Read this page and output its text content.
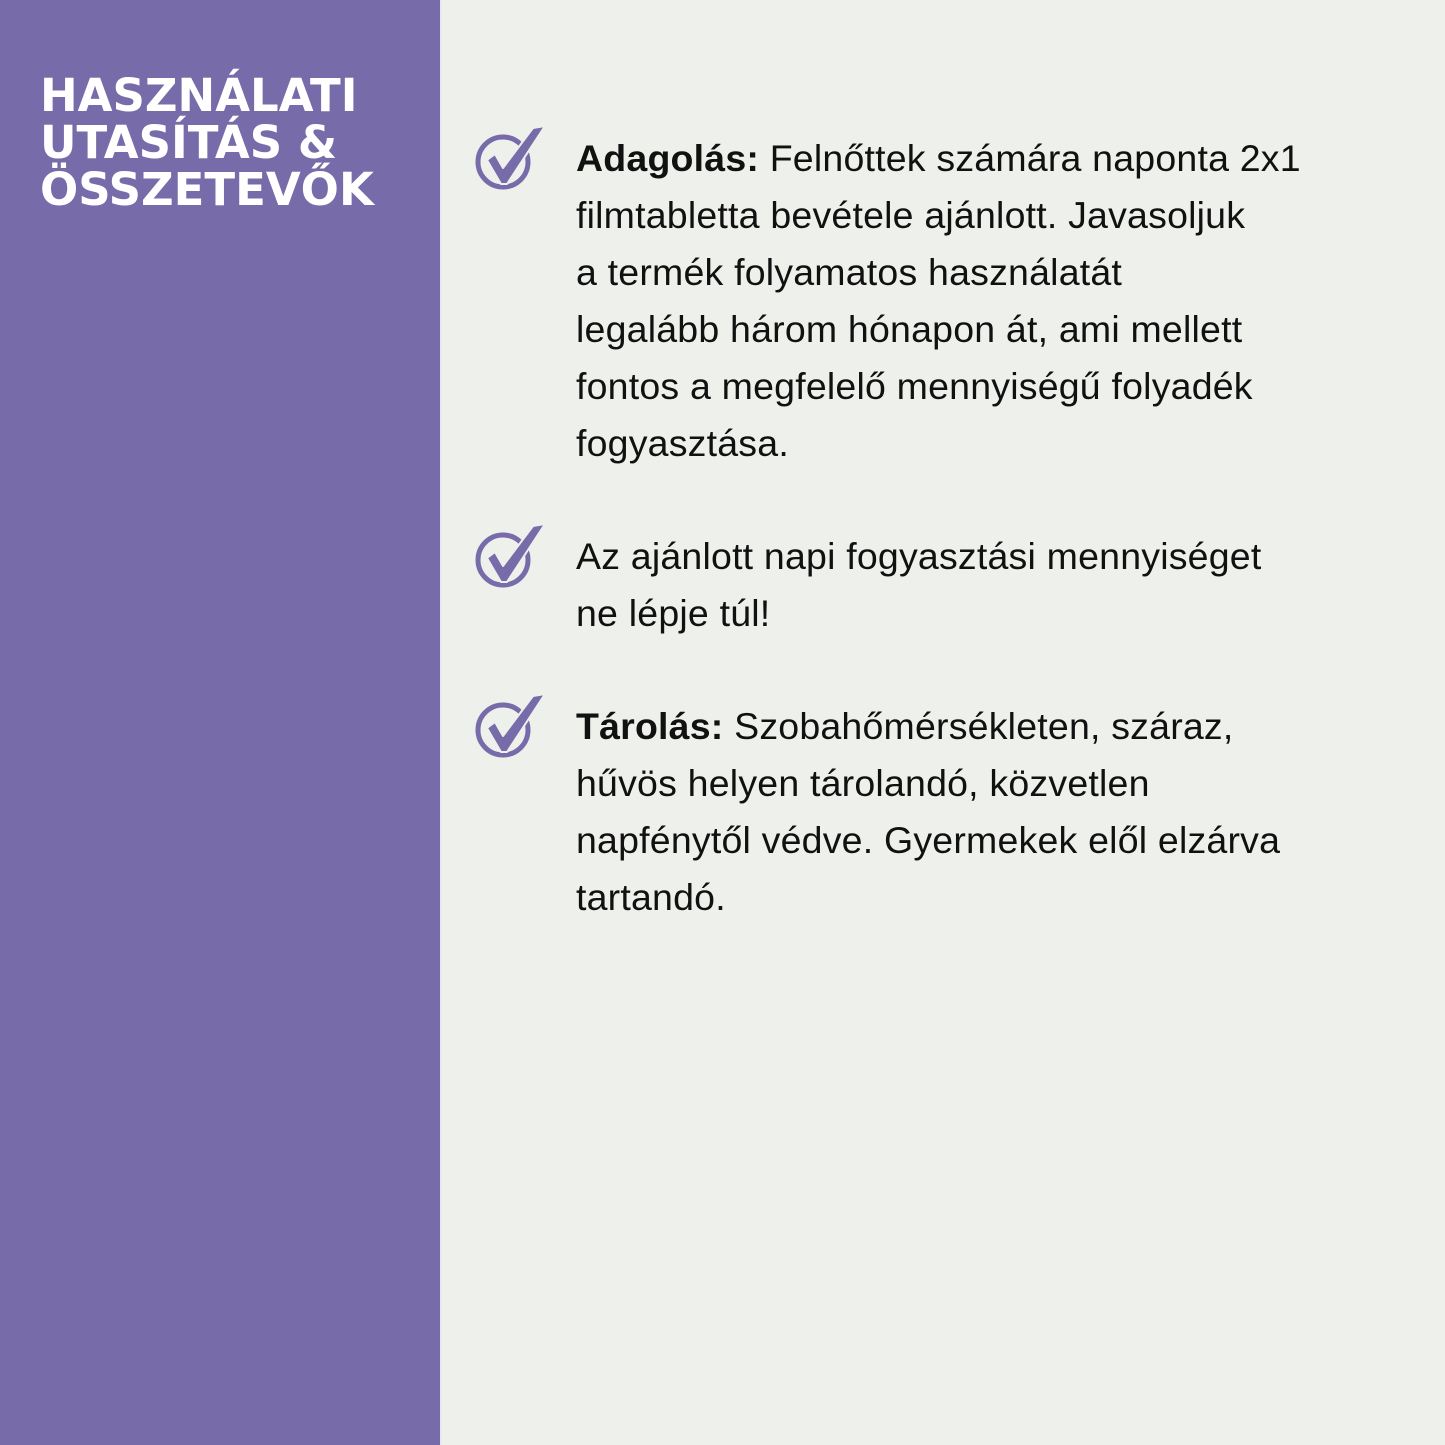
HASZNÁLATI
UTASÍTÁS &
ÖSSZETEVŐK
Adagolás: Felnőttek számára naponta 2x1
filmtabletta bevétele ajánlott. Javasoljuk
a termék folyamatos használatát
legalább három hónapon át, ami mellett
fontos a megfelelő mennyiségű folyadék
fogyasztása.
Az ajánlott napi fogyasztási mennyiséget
ne lépje túl!
Tárolás: Szobahőmérsékleten, száraz,
hűvös helyen tárolandó, közvetlen
napfénytől védve. Gyermekek elől elzárva
tartandó.
